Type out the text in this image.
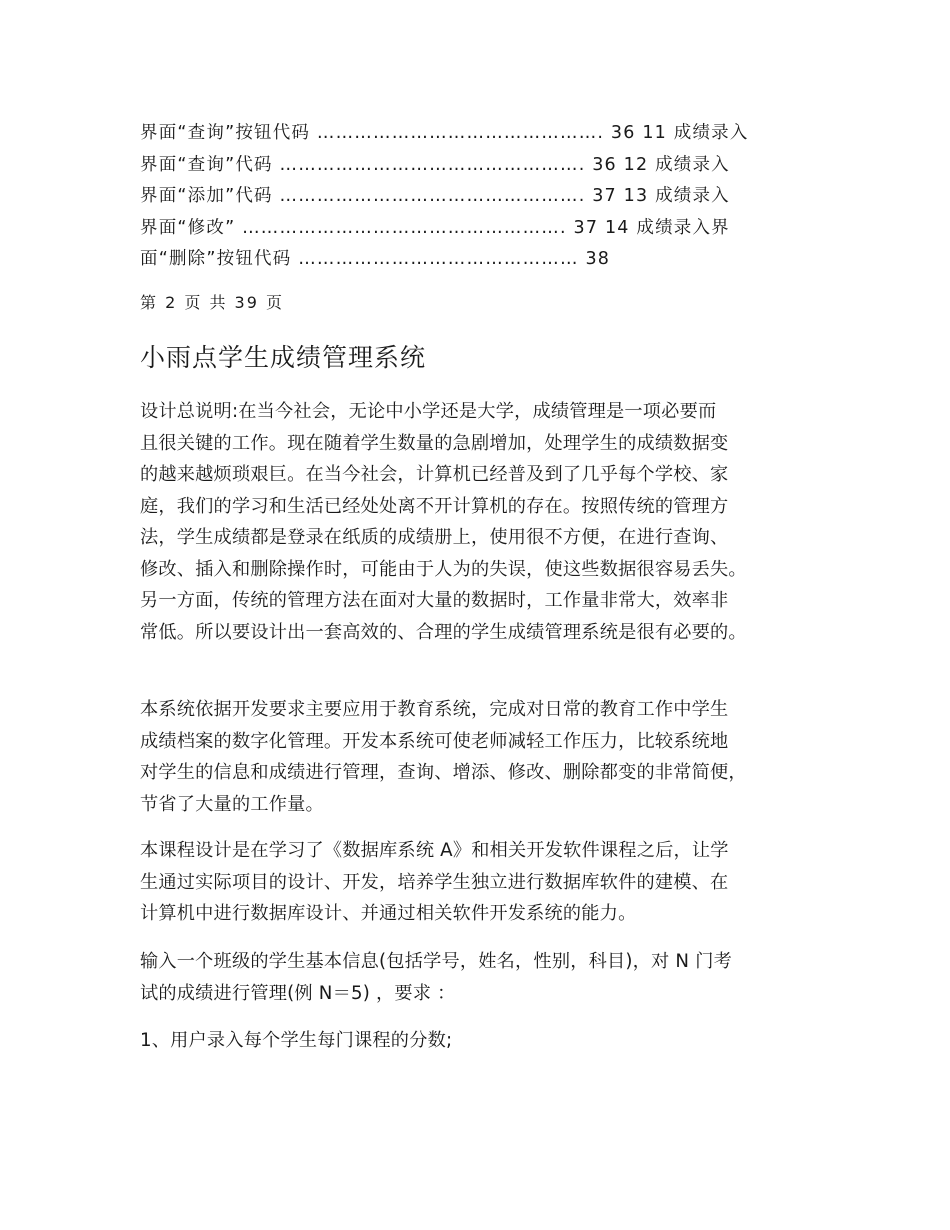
界面“查询”按钮代码 ………………………………………. 36 11 成绩录入
界面“查询”代码 …………………………………………. 36 12 成绩录入
界面“添加”代码 …………………………………………. 37 13 成绩录入
界面“修改” ……………………………………………. 37 14 成绩录入界
面“删除”按钮代码 ……………………………………… 38
第 2 页 共 39 页
小雨点学生成绩管理系统
设计总说明:在当今社会，无论中小学还是大学，成绩管理是一项必要而
且很关键的工作。现在随着学生数量的急剧增加，处理学生的成绩数据变
的越来越烦琐艰巨。在当今社会，计算机已经普及到了几乎每个学校、家
庭，我们的学习和生活已经处处离不开计算机的存在。按照传统的管理方
法，学生成绩都是登录在纸质的成绩册上，使用很不方便，在进行查询、
修改、插入和删除操作时，可能由于人为的失误，使这些数据很容易丢失。
另一方面，传统的管理方法在面对大量的数据时，工作量非常大，效率非
常低。所以要设计出一套高效的、合理的学生成绩管理系统是很有必要的。
本系统依据开发要求主要应用于教育系统，完成对日常的教育工作中学生
成绩档案的数字化管理。开发本系统可使老师减轻工作压力，比较系统地
对学生的信息和成绩进行管理，查询、增添、修改、删除都变的非常简便，
节省了大量的工作量。
本课程设计是在学习了《数据库系统 A》和相关开发软件课程之后，让学
生通过实际项目的设计、开发，培养学生独立进行数据库软件的建模、在
计算机中进行数据库设计、并通过相关软件开发系统的能力。
输入一个班级的学生基本信息(包括学号，姓名，性别，科目)，对 N 门考
试的成绩进行管理(例 N＝5) ，要求 ：
1、用户录入每个学生每门课程的分数;
